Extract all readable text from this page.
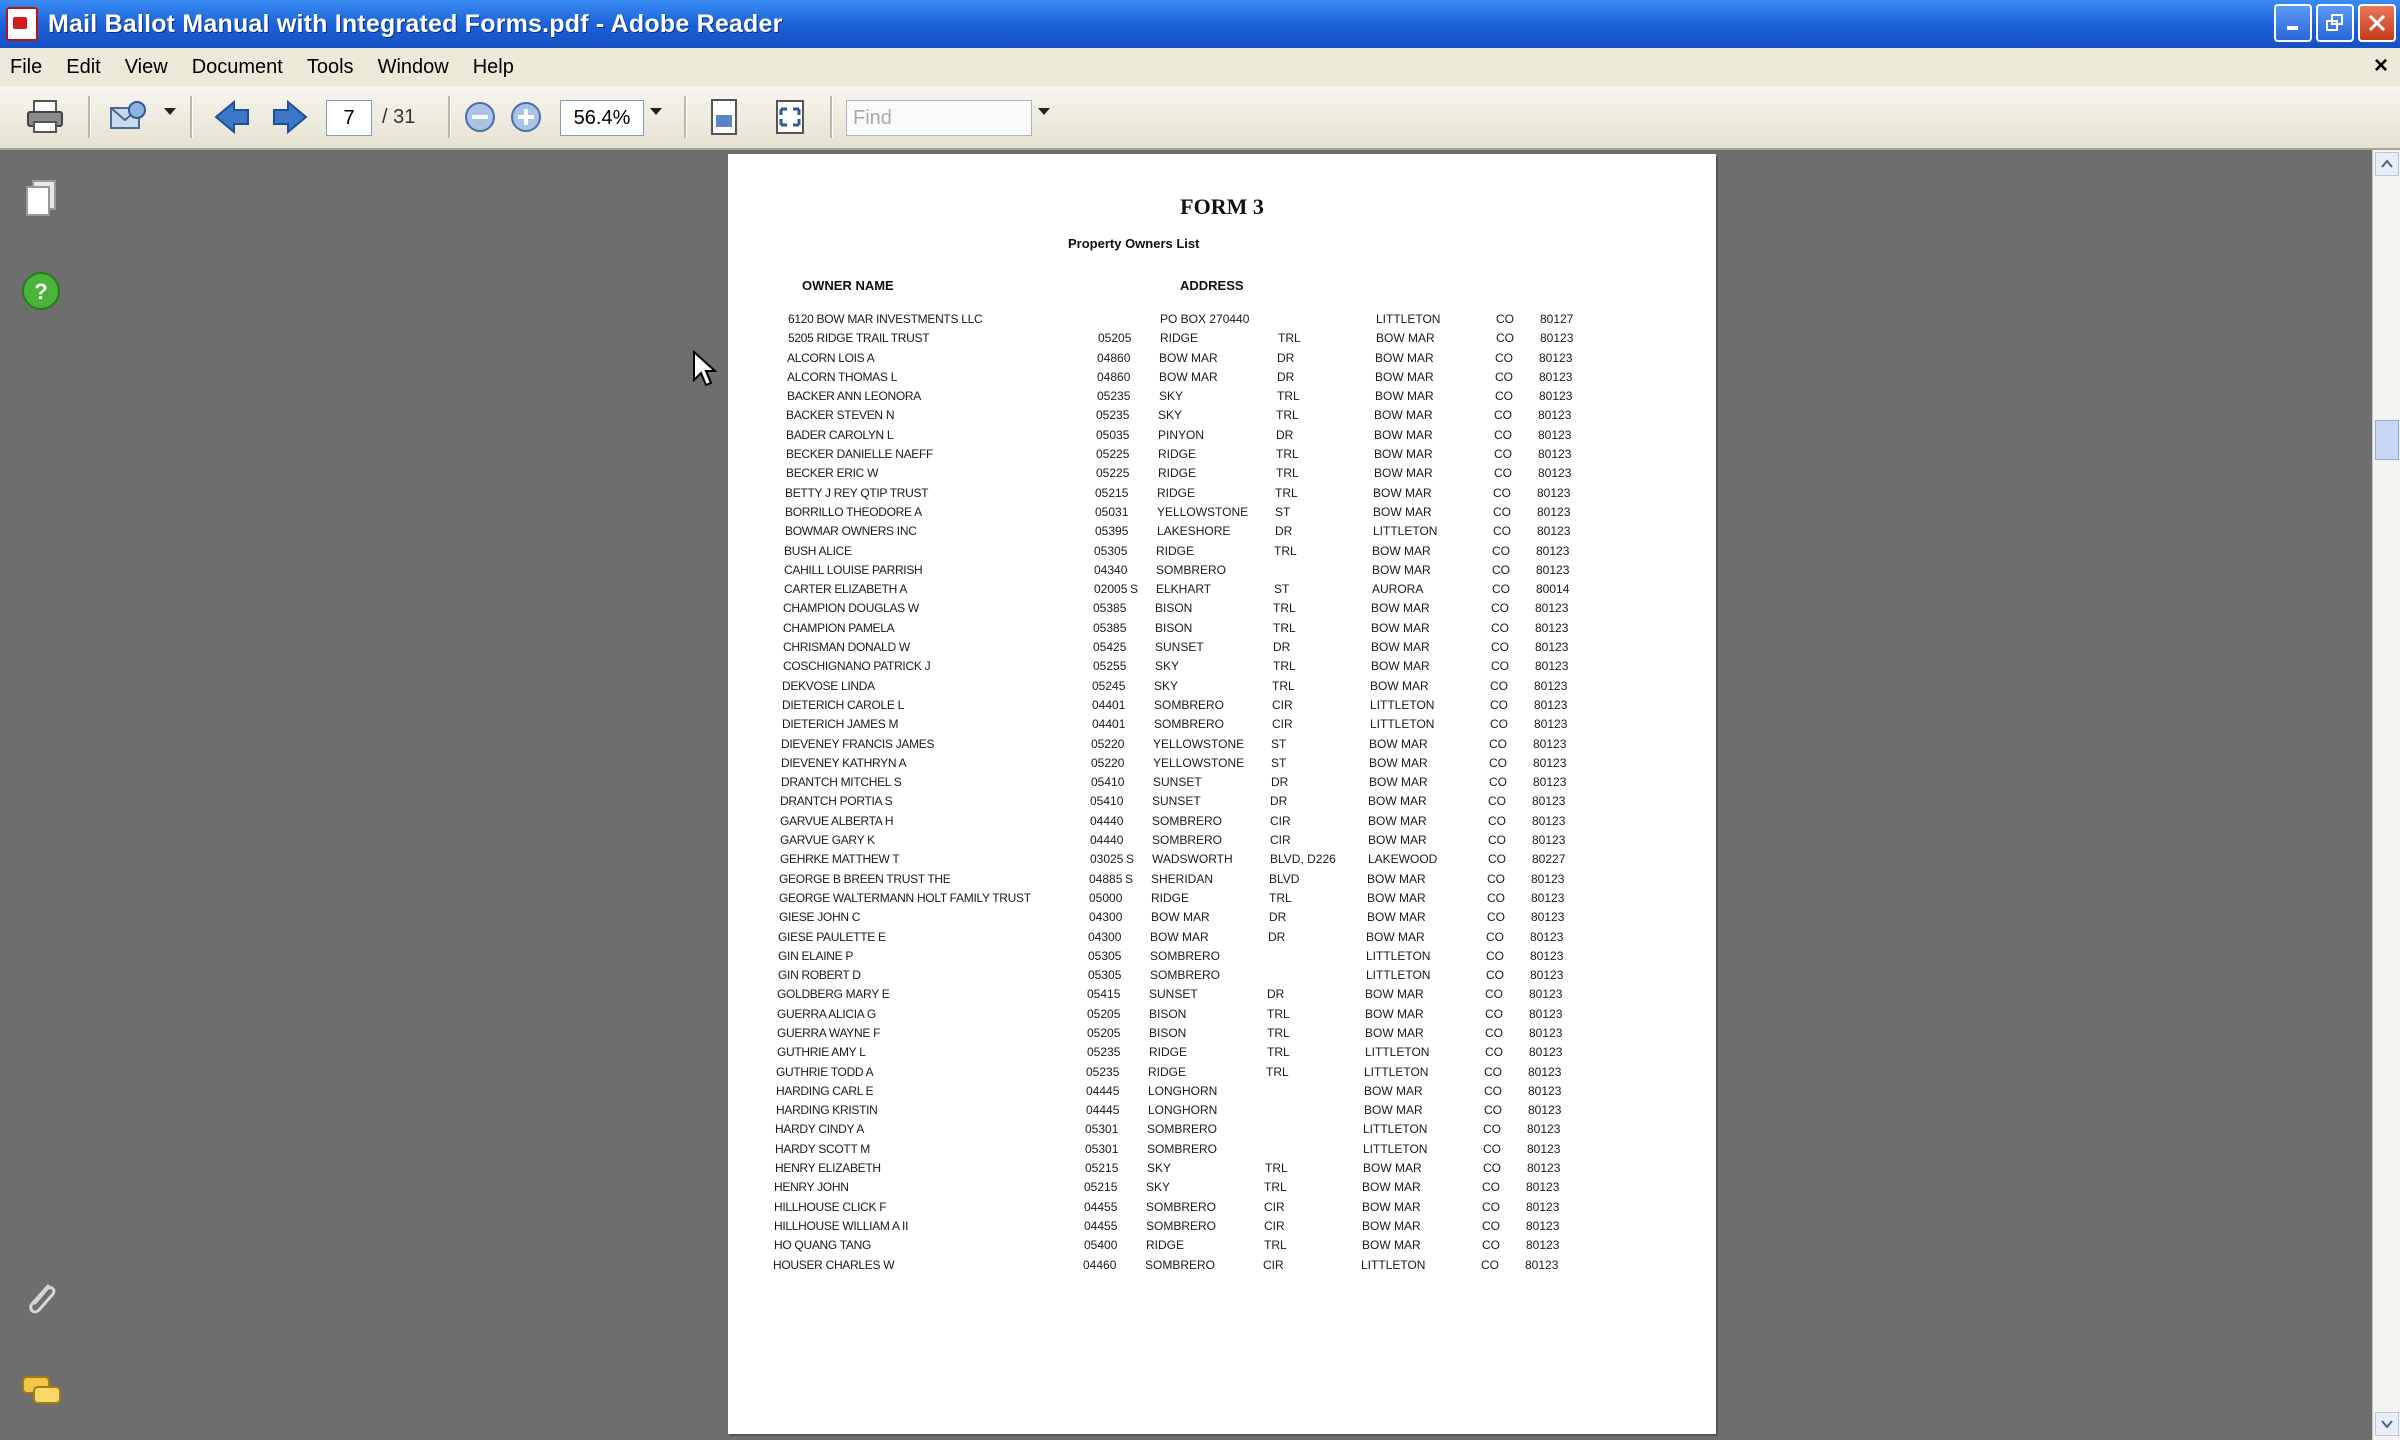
Mail Ballot Manual with Integrated Forms.pdf - Adobe Reader
File	Edit	View	Document	Tools	Window	Help	×
7	/ 31	56.4%	Find
?
FORM 3
Property Owners List
OWNER NAME	ADDRESS
6120 BOW MAR INVESTMENTS LLC	PO BOX 270440	LITTLETON	CO 80127
5205 RIDGE TRAIL TRUST	05205 RIDGE	TRL	BOW MAR	CO 80123
ALCORN LOIS A	04860 BOW MAR	DR	BOW MAR	CO 80123
ALCORN THOMAS L	04860 BOW MAR	DR	BOW MAR	CO 80123
BACKER ANN LEONORA	05235 SKY	TRL	BOW MAR	CO 80123
BACKER STEVEN N	05235 SKY	TRL	BOW MAR	CO 80123
BADER CAROLYN L	05035 PINYON	DR	BOW MAR	CO 80123
BECKER DANIELLE NAEFF	05225 RIDGE	TRL	BOW MAR	CO 80123
BECKER ERIC W	05225 RIDGE	TRL	BOW MAR	CO 80123
BETTY J REY QTIP TRUST	05215 RIDGE	TRL	BOW MAR	CO 80123
BORRILLO THEODORE A	05031 YELLOWSTONE ST	BOW MAR	CO 80123
BOWMAR OWNERS INC	05395 LAKESHORE	DR	LITTLETON	CO 80123
BUSH ALICE	05305 RIDGE	TRL	BOW MAR	CO 80123
CAHILL LOUISE PARRISH	04340 SOMBRERO	BOW MAR	CO 80123
CARTER ELIZABETH A	02005 S ELKHART	ST	AURORA	CO 80014
CHAMPION DOUGLAS W	05385 BISON	TRL	BOW MAR	CO 80123
CHAMPION PAMELA	05385 BISON	TRL	BOW MAR	CO 80123
CHRISMAN DONALD W	05425 SUNSET	DR	BOW MAR	CO 80123
COSCHIGNANO PATRICK J	05255 SKY	TRL	BOW MAR	CO 80123
DEKVOSE LINDA	05245 SKY	TRL	BOW MAR	CO 80123
DIETERICH CAROLE L	04401 SOMBRERO	CIR	LITTLETON	CO 80123
DIETERICH JAMES M	04401 SOMBRERO	CIR	LITTLETON	CO 80123
DIEVENEY FRANCIS JAMES	05220 YELLOWSTONE ST	BOW MAR	CO 80123
DIEVENEY KATHRYN A	05220 YELLOWSTONE ST	BOW MAR	CO 80123
DRANTCH MITCHEL S	05410 SUNSET	DR	BOW MAR	CO 80123
DRANTCH PORTIA S	05410 SUNSET	DR	BOW MAR	CO 80123
GARVUE ALBERTA H	04440 SOMBRERO	CIR	BOW MAR	CO 80123
GARVUE GARY K	04440 SOMBRERO	CIR	BOW MAR	CO 80123
GEHRKE MATTHEW T	03025 S WADSWORTH	BLVD, D226	LAKEWOOD	CO 80227
GEORGE B BREEN TRUST THE	04885 S SHERIDAN	BLVD	BOW MAR	CO 80123
GEORGE WALTERMANN HOLT FAMILY TRUST	05000 RIDGE	TRL	BOW MAR	CO 80123
GIESE JOHN C	04300 BOW MAR	DR	BOW MAR	CO 80123
GIESE PAULETTE E	04300 BOW MAR	DR	BOW MAR	CO 80123
GIN ELAINE P	05305 SOMBRERO	LITTLETON	CO 80123
GIN ROBERT D	05305 SOMBRERO	LITTLETON	CO 80123
GOLDBERG MARY E	05415 SUNSET	DR	BOW MAR	CO 80123
GUERRA ALICIA G	05205 BISON	TRL	BOW MAR	CO 80123
GUERRA WAYNE F	05205 BISON	TRL	BOW MAR	CO 80123
GUTHRIE AMY L	05235 RIDGE	TRL	LITTLETON	CO 80123
GUTHRIE TODD A	05235 RIDGE	TRL	LITTLETON	CO 80123
HARDING CARL E	04445 LONGHORN	BOW MAR	CO 80123
HARDING KRISTIN	04445 LONGHORN	BOW MAR	CO 80123
HARDY CINDY A	05301 SOMBRERO	LITTLETON	CO 80123
HARDY SCOTT M	05301 SOMBRERO	LITTLETON	CO 80123
HENRY ELIZABETH	05215 SKY	TRL	BOW MAR	CO 80123
HENRY JOHN	05215 SKY	TRL	BOW MAR	CO 80123
HILLHOUSE CLICK F	04455 SOMBRERO	CIR	BOW MAR	CO 80123
HILLHOUSE WILLIAM A II	04455 SOMBRERO	CIR	BOW MAR	CO 80123
HO QUANG TANG	05400 RIDGE	TRL	BOW MAR	CO 80123
HOUSER CHARLES W	04460 SOMBRERO	CIR	LITTLETON	CO 80123
